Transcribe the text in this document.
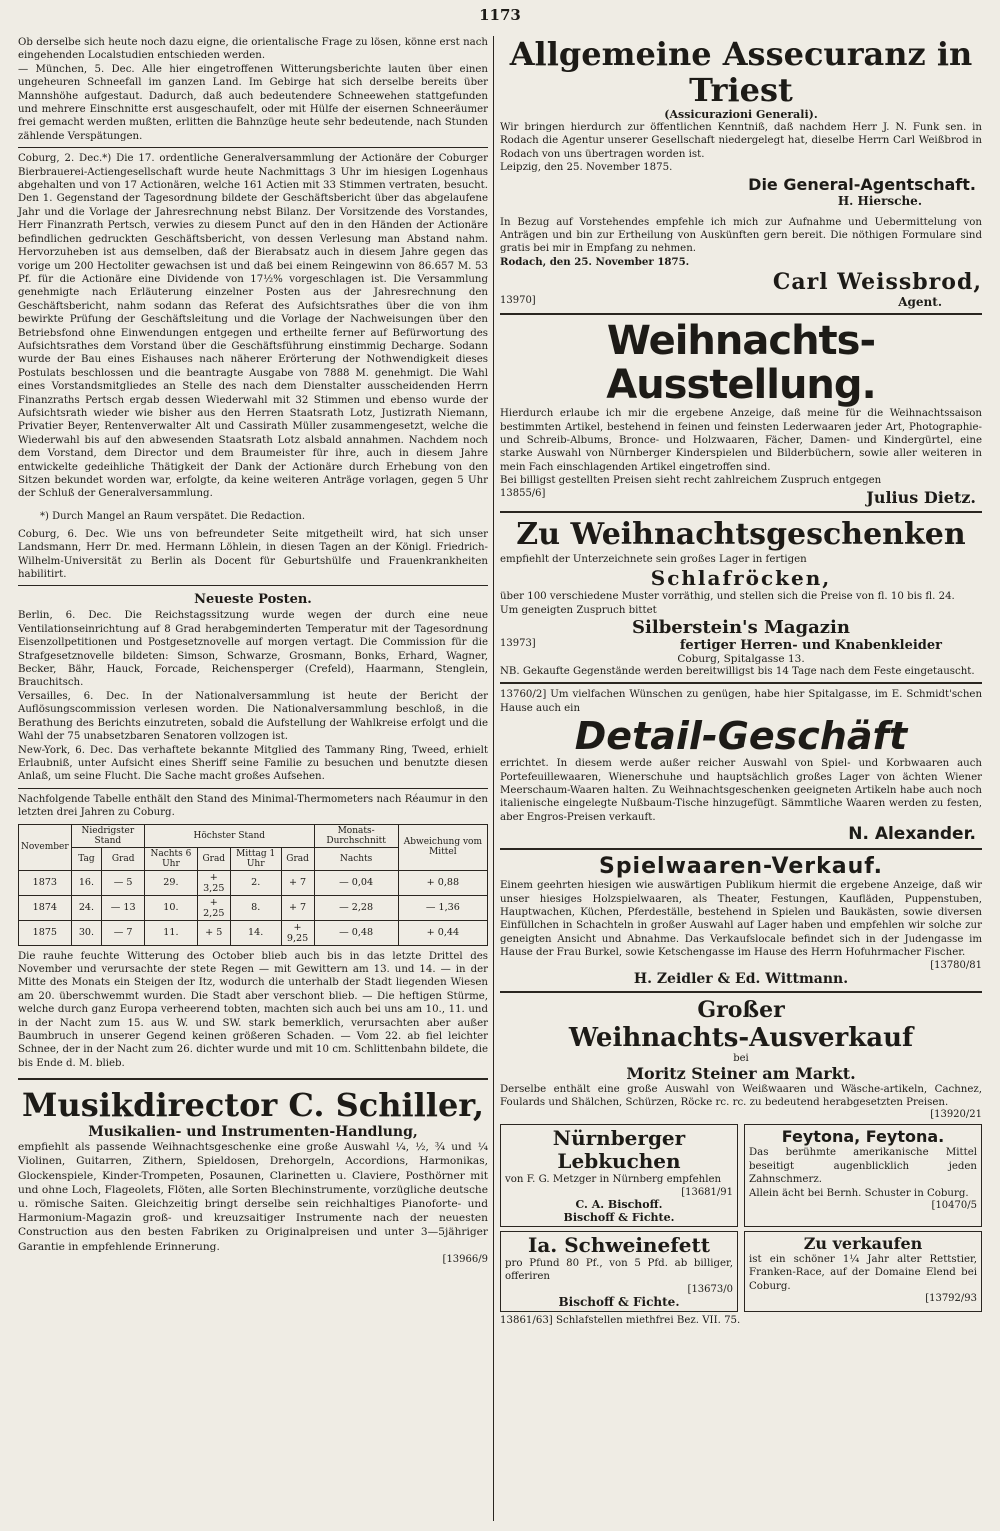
1173

Ob derselbe sich heute noch dazu eigne, die orientalische Frage zu lösen, könne erst nach eingehenden Localstudien entschieden werden.

— München, 5. Dec. Alle hier eingetroffenen Witterungsberichte lauten über einen ungeheuren Schneefall im ganzen Land. Im Gebirge hat sich derselbe bereits über Mannshöhe aufgestaut. Dadurch, daß auch bedeutendere Schneewehen stattgefunden und mehrere Einschnitte erst ausgeschaufelt, oder mit Hülfe der eisernen Schneeräumer frei gemacht werden mußten, erlitten die Bahnzüge heute sehr bedeutende, nach Stunden zählende Verspätungen.

Coburg, 2. Dec.*) Die 17. ordentliche Generalversammlung der Actionäre der Coburger Bierbrauerei-Actiengesellschaft wurde heute Nachmittags 3 Uhr im hiesigen Logenhaus abgehalten und von 17 Actionären, welche 161 Actien mit 33 Stimmen vertraten, besucht. Den 1. Gegenstand der Tagesordnung bildete der Geschäftsbericht über das abgelaufene Jahr und die Vorlage der Jahresrechnung nebst Bilanz. Der Vorsitzende des Vorstandes, Herr Finanzrath Pertsch, verwies zu diesem Punct auf den in den Händen der Actionäre befindlichen gedruckten Geschäftsbericht, von dessen Verlesung man Abstand nahm. Hervorzuheben ist aus demselben, daß der Bierabsatz auch in diesem Jahre gegen das vorige um 200 Hectoliter gewachsen ist und daß bei einem Reingewinn von 86.657 M. 53 Pf. für die Actionäre eine Dividende von 17½% vorgeschlagen ist. Die Versammlung genehmigte nach Erläuterung einzelner Posten aus der Jahresrechnung den Geschäftsbericht, nahm sodann das Referat des Aufsichtsrathes über die von ihm bewirkte Prüfung der Geschäftsleitung und die Vorlage der Nachweisungen über den Betriebsfond ohne Einwendungen entgegen und ertheilte ferner auf Befürwortung des Aufsichtsrathes dem Vorstand über die Geschäftsführung einstimmig Decharge. Sodann wurde der Bau eines Eishauses nach näherer Erörterung der Nothwendigkeit dieses Postulats beschlossen und die beantragte Ausgabe von 7888 M. genehmigt. Die Wahl eines Vorstandsmitgliedes an Stelle des nach dem Dienstalter ausscheidenden Herrn Finanzraths Pertsch ergab dessen Wiederwahl mit 32 Stimmen und ebenso wurde der Aufsichtsrath wieder wie bisher aus den Herren Staatsrath Lotz, Justizrath Niemann, Privatier Beyer, Rentenverwalter Alt und Cassirath Müller zusammengesetzt, welche die Wiederwahl bis auf den abwesenden Staatsrath Lotz alsbald annahmen. Nachdem noch dem Vorstand, dem Director und dem Braumeister für ihre, auch in diesem Jahre entwickelte gedeihliche Thätigkeit der Dank der Actionäre durch Erhebung von den Sitzen bekundet worden war, erfolgte, da keine weiteren Anträge vorlagen, gegen 5 Uhr der Schluß der Generalversammlung.

*) Durch Mangel an Raum verspätet. Die Redaction.

Coburg, 6. Dec. Wie uns von befreundeter Seite mitgetheilt wird, hat sich unser Landsmann, Herr Dr. med. Hermann Löhlein, in diesen Tagen an der Königl. Friedrich-Wilhelm-Universität zu Berlin als Docent für Geburtshülfe und Frauenkrankheiten habilitirt.

Neueste Posten.

Berlin, 6. Dec. Die Reichstagssitzung wurde wegen der durch eine neue Ventilationseinrichtung auf 8 Grad herabgeminderten Temperatur mit der Tagesordnung Eisenzollpetitionen und Postgesetznovelle auf morgen vertagt. Die Commission für die Strafgesetznovelle bildeten: Simson, Schwarze, Grosmann, Bonks, Erhard, Wagner, Becker, Bähr, Hauck, Forcade, Reichensperger (Crefeld), Haarmann, Stenglein, Brauchitsch.

Versailles, 6. Dec. In der Nationalversammlung ist heute der Bericht der Auflösungscommission verlesen worden. Die Nationalversammlung beschloß, in die Berathung des Berichts einzutreten, sobald die Aufstellung der Wahlkreise erfolgt und die Wahl der 75 unabsetzbaren Senatoren vollzogen ist.

New-York, 6. Dec. Das verhaftete bekannte Mitglied des Tammany Ring, Tweed, erhielt Erlaubniß, unter Aufsicht eines Sheriff seine Familie zu besuchen und benutzte diesen Anlaß, um seine Flucht. Die Sache macht großes Aufsehen.

Nachfolgende Tabelle enthält den Stand des Minimal-Thermometers nach Réaumur in den letzten drei Jahren zu Coburg.

November	Niedrigster Stand		Höchster Stand				Monats-Durchschnitt	Abweichung vom Mittel
	Tag	Grad	Nachts 6 Uhr	Grad	Mittag 1 Uhr	Grad	Nachts	
1873	16.	— 5	29.	+ 3,25	2.	+ 7	— 0,04	+ 0,88
1874	24.	— 13	10.	+ 2,25	8.	+ 7	— 2,28	— 1,36
1875	30.	— 7	11.	+ 5	14.	+ 9,25	— 0,48	+ 0,44

Die rauhe feuchte Witterung des October blieb auch bis in das letzte Drittel des November und verursachte der stete Regen — mit Gewittern am 13. und 14. — in der Mitte des Monats ein Steigen der Itz, wodurch die unterhalb der Stadt liegenden Wiesen am 20. überschwemmt wurden. Die Stadt aber verschont blieb. — Die heftigen Stürme, welche durch ganz Europa verheerend tobten, machten sich auch bei uns am 10., 11. und in der Nacht zum 15. aus W. und SW. stark bemerklich, verursachten aber außer Baumbruch in unserer Gegend keinen größeren Schaden. — Vom 22. ab fiel leichter Schnee, der in der Nacht zum 26. dichter wurde und mit 10 cm. Schlittenbahn bildete, die bis Ende d. M. blieb.

Musikdirector C. Schiller,
Musikalien- und Instrumenten-Handlung,

empfiehlt als passende Weihnachtsgeschenke eine große Auswahl ¼, ½, ¾ und ¼ Violinen, Guitarren, Zithern, Spieldosen, Drehorgeln, Accordions, Harmonikas, Glockenspiele, Kinder-Trompeten, Posaunen, Clarinetten u. Claviere, Posthörner mit und ohne Loch, Flageolets, Flöten, alle Sorten Blechinstrumente, vorzügliche deutsche u. römische Saiten. Gleichzeitig bringt derselbe sein reichhaltiges Pianoforte- und Harmonium-Magazin groß- und kreuzsaitiger Instrumente nach der neuesten Construction aus den besten Fabriken zu Originalpreisen und unter 3—5jähriger Garantie in empfehlende Erinnerung.

[13966/9
Allgemeine Assecuranz in Triest
(Assicurazioni Generali).

Wir bringen hierdurch zur öffentlichen Kenntniß, daß nachdem Herr J. N. Funk sen. in Rodach die Agentur unserer Gesellschaft niedergelegt hat, dieselbe Herrn Carl Weißbrod in Rodach von uns übertragen worden ist.

Leipzig, den 25. November 1875.

Die General-Agentschaft.
H. Hiersche.

In Bezug auf Vorstehendes empfehle ich mich zur Aufnahme und Uebermittelung von Anträgen und bin zur Ertheilung von Auskünften gern bereit. Die nöthigen Formulare sind gratis bei mir in Empfang zu nehmen.

Rodach, den 25. November 1875.

Carl Weissbrod,
13970]	Agent.
Weihnachts-Ausstellung.

Hierdurch erlaube ich mir die ergebene Anzeige, daß meine für die Weihnachtssaison bestimmten Artikel, bestehend in feinen und feinsten Lederwaaren jeder Art, Photographie- und Schreib-Albums, Bronce- und Holzwaaren, Fächer, Damen- und Kindergürtel, eine starke Auswahl von Nürnberger Kinderspielen und Bilderbüchern, sowie aller weiteren in mein Fach einschlagenden Artikel eingetroffen sind.

Bei billigst gestellten Preisen sieht recht zahlreichem Zuspruch entgegen

13855/6]	Julius Dietz.
Zu Weihnachtsgeschenken

empfiehlt der Unterzeichnete sein großes Lager in fertigen

Schlafröcken,

über 100 verschiedene Muster vorräthig, und stellen sich die Preise von fl. 10 bis fl. 24.

Um geneigten Zuspruch bittet

Silberstein's Magazin
13973]	fertiger Herren- und Knabenkleider
Coburg, Spitalgasse 13.

NB. Gekaufte Gegenstände werden bereitwilligst bis 14 Tage nach dem Feste eingetauscht.

13760/2] Um vielfachen Wünschen zu genügen, habe hier Spitalgasse, im E. Schmidt'schen Hause auch ein

Detail-Geschäft

errichtet. In diesem werde außer reicher Auswahl von Spiel- und Korbwaaren auch Portefeuillewaaren, Wienerschuhe und hauptsächlich großes Lager von ächten Wiener Meerschaum-Waaren halten. Zu Weihnachtsgeschenken geeigneten Artikeln habe auch noch italienische eingelegte Nußbaum-Tische hinzugefügt. Sämmtliche Waaren werden zu festen, aber Engros-Preisen verkauft.

N. Alexander.
Spielwaaren-Verkauf.

Einem geehrten hiesigen wie auswärtigen Publikum hiermit die ergebene Anzeige, daß wir unser hiesiges Holzspielwaaren, als Theater, Festungen, Kaufläden, Puppenstuben, Hauptwachen, Küchen, Pferdeställe, bestehend in Spielen und Baukästen, sowie diversen Einfüllchen in Schachteln in großer Auswahl auf Lager haben und empfehlen wir solche zur geneigten Ansicht und Abnahme. Das Verkaufslocale befindet sich in der Judengasse im Hause der Frau Burkel, sowie Ketschengasse im Hause des Herrn Hofuhrmacher Fischer.

[13780/81
H. Zeidler & Ed. Wittmann.
Großer
Weihnachts-Ausverkauf
bei
Moritz Steiner am Markt.

Derselbe enthält eine große Auswahl von Weißwaaren und Wäsche-artikeln, Cachnez, Foulards und Shälchen, Schürzen, Röcke rc. rc. zu bedeutend herabgesetzten Preisen.

[13920/21
Nürnberger Lebkuchen

von F. G. Metzger in Nürnberg empfehlen

[13681/91
C. A. Bischoff.
Bischoff & Fichte.
Feytona, Feytona.

Das berühmte amerikanische Mittel beseitigt augenblicklich jeden Zahnschmerz.

Allein ächt bei Bernh. Schuster in Coburg.

[10470/5
Ia. Schweinefett

pro Pfund 80 Pf., von 5 Pfd. ab billiger, offeriren

[13673/0
Bischoff & Fichte.
Zu verkaufen

ist ein schöner 1¼ Jahr alter Rettstier, Franken-Race, auf der Domaine Elend bei Coburg.

[13792/93

13861/63] Schlafstellen miethfrei Bez. VII. 75.
